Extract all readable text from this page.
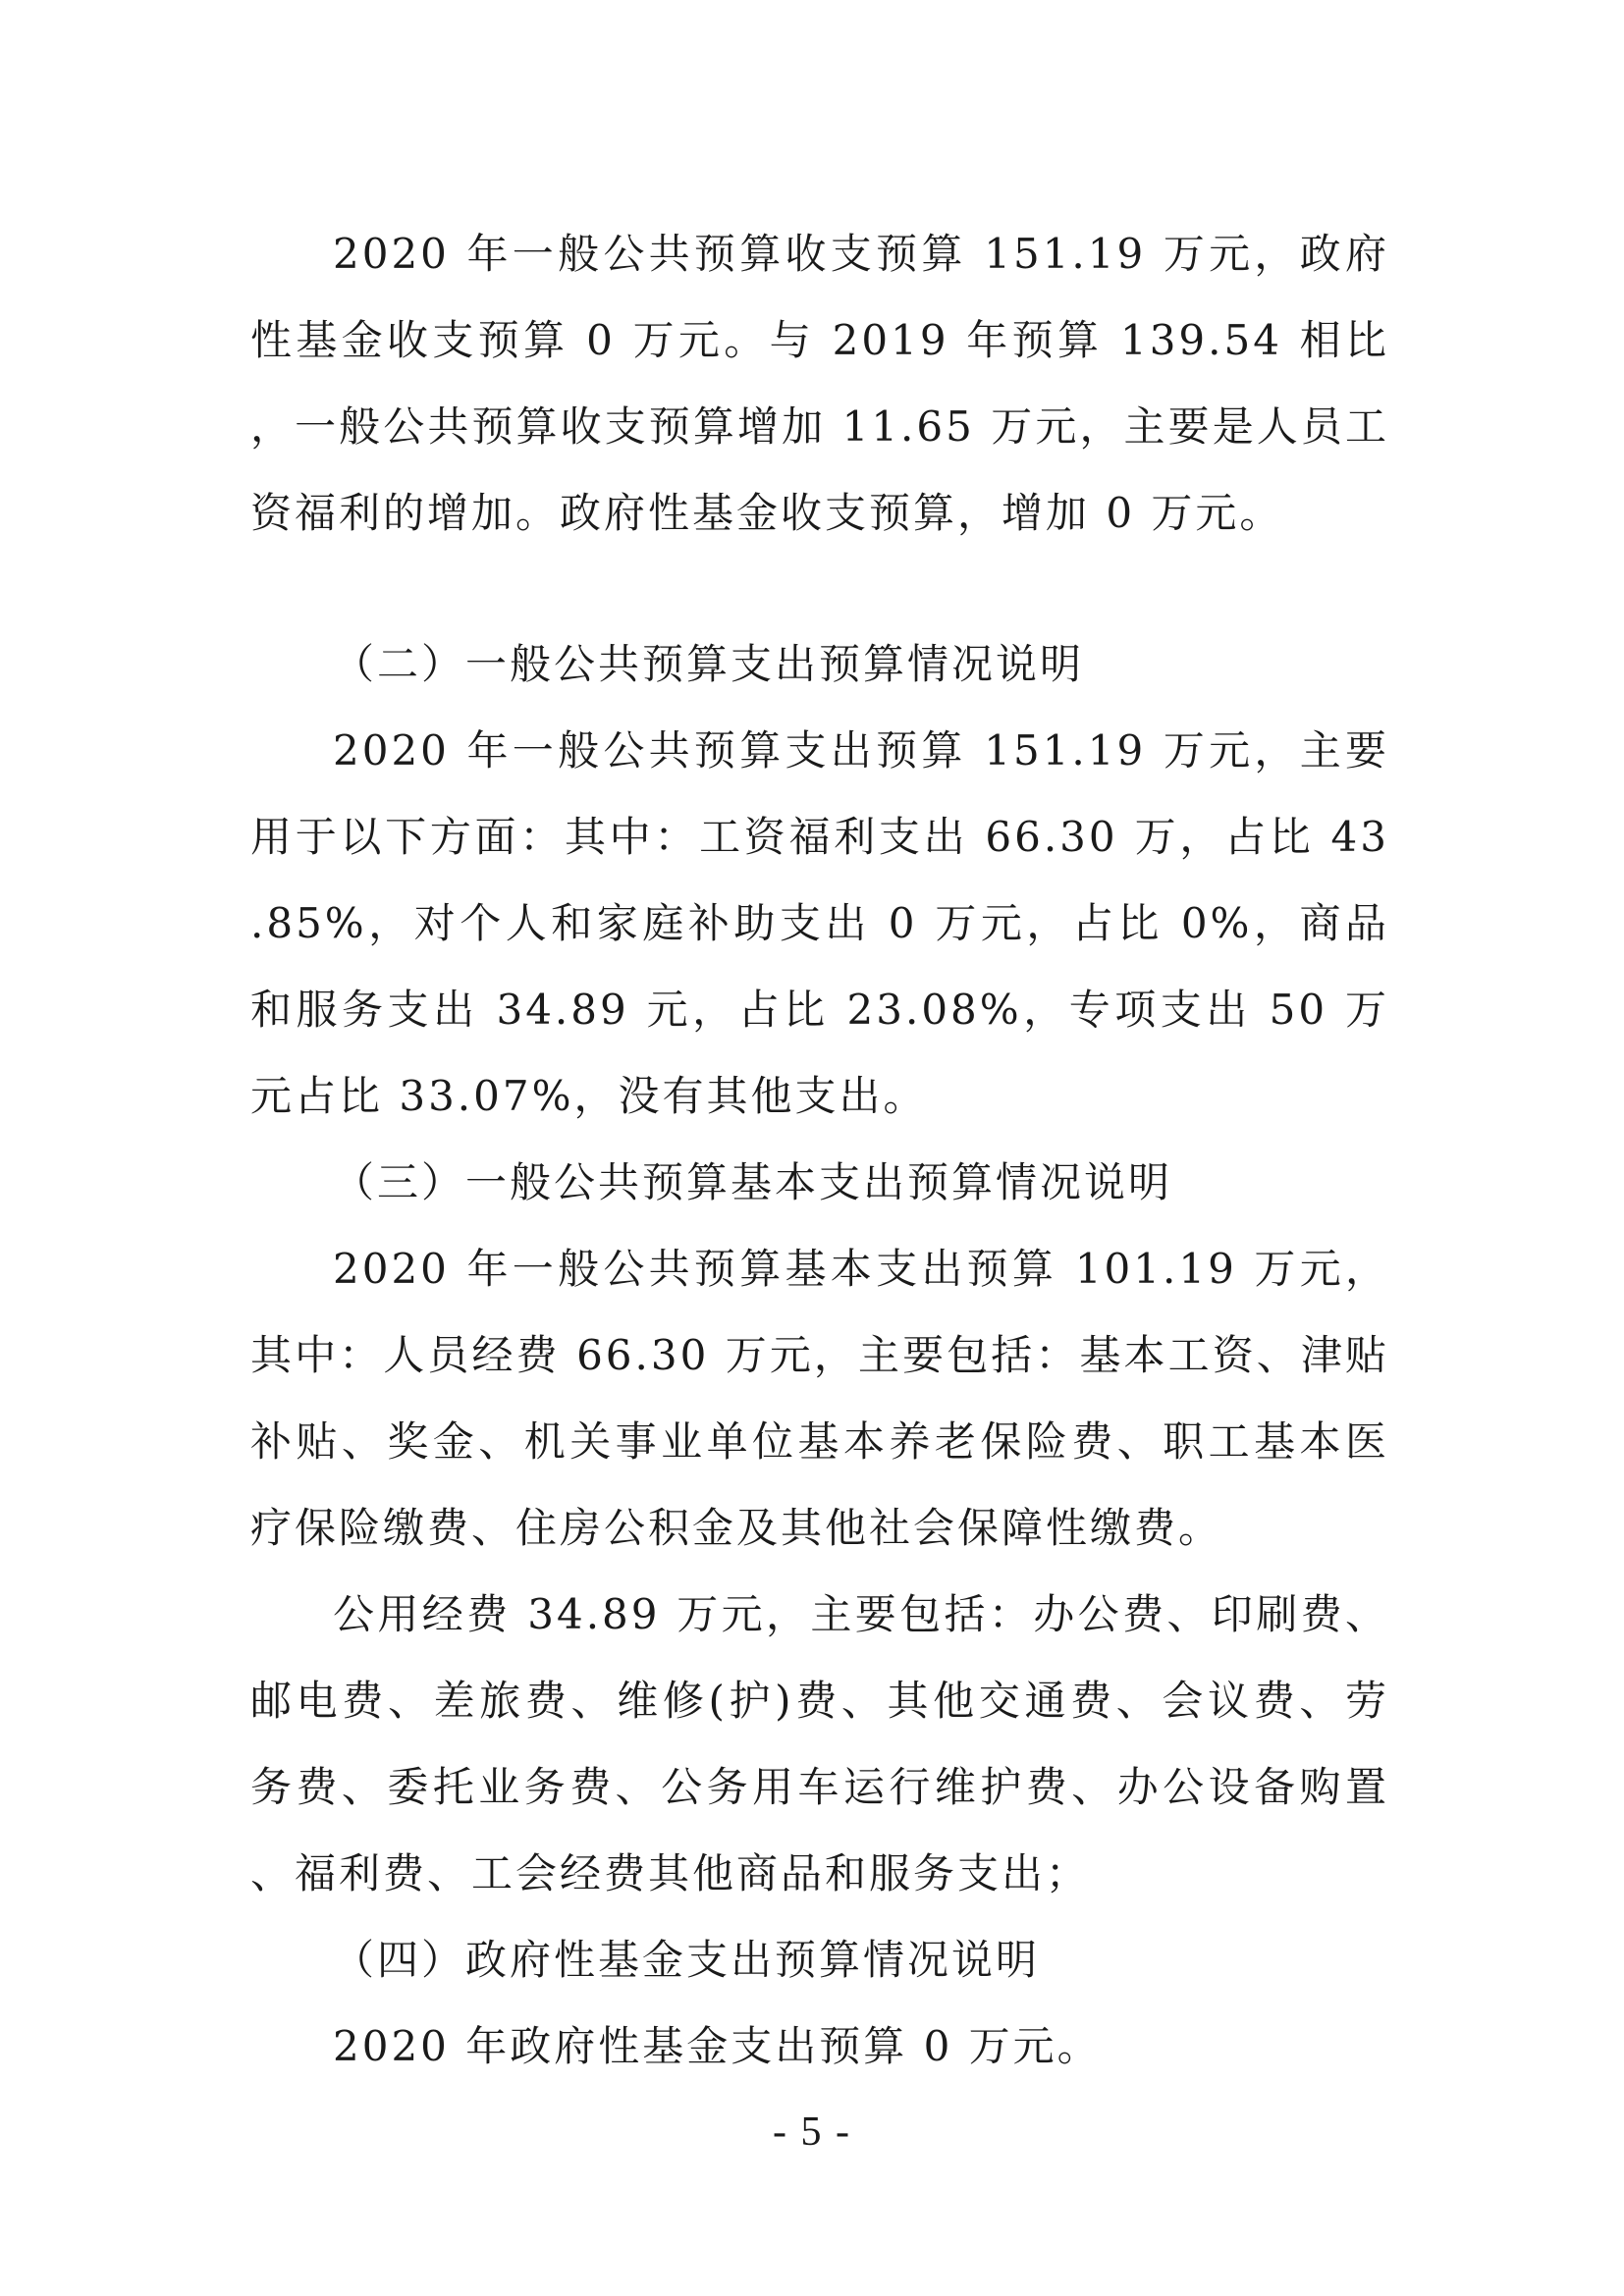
2020 年一般公共预算收支预算 151.19 万元，政府性基金收支预算 0 万元。与 2019 年预算 139.54 相比，一般公共预算收支预算增加 11.65 万元，主要是人员工资福利的增加。政府性基金收支预算，增加 0 万元。

（二）一般公共预算支出预算情况说明

2020 年一般公共预算支出预算 151.19 万元，主要用于以下方面：其中：工资福利支出 66.30 万，占比 43.85%，对个人和家庭补助支出 0 万元，占比 0%，商品和服务支出 34.89 元，占比 23.08%，专项支出 50 万元占比 33.07%，没有其他支出。

（三）一般公共预算基本支出预算情况说明

2020 年一般公共预算基本支出预算 101.19 万元，其中：人员经费 66.30 万元，主要包括：基本工资、津贴补贴、奖金、机关事业单位基本养老保险费、职工基本医疗保险缴费、住房公积金及其他社会保障性缴费。

公用经费 34.89 万元，主要包括：办公费、印刷费、邮电费、差旅费、维修(护)费、其他交通费、会议费、劳务费、委托业务费、公务用车运行维护费、办公设备购置、福利费、工会经费其他商品和服务支出；

（四）政府性基金支出预算情况说明

2020 年政府性基金支出预算 0 万元。

- 5 -
